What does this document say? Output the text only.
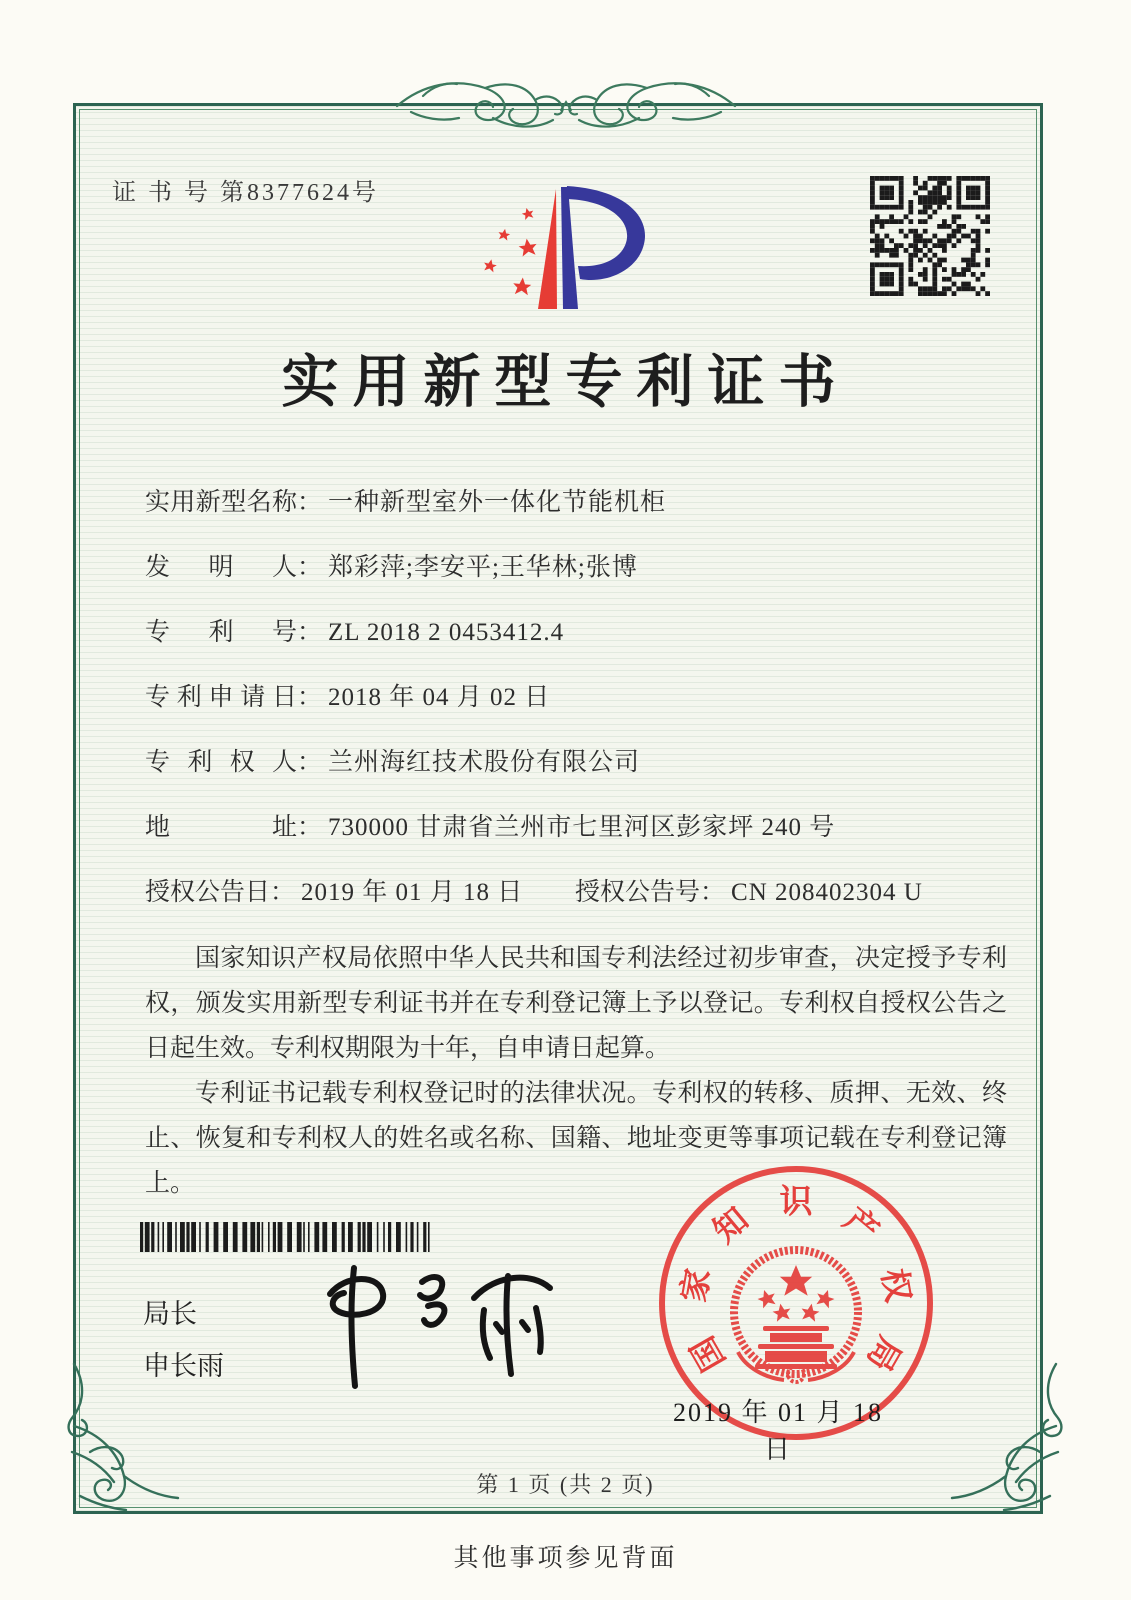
证 书 号 第8377624号
实用新型专利证书
实用新型名称： 一种新型室外一体化节能机柜
发明人： 郑彩萍;李安平;王华林;张博
专利号： ZL 2018 2 0453412.4
专利申请日： 2018 年 04 月 02 日
专利权人： 兰州海红技术股份有限公司
地址： 730000 甘肃省兰州市七里河区彭家坪 240 号
授权公告日： 2019 年 01 月 18 日 授权公告号： CN 208402304 U

国家知识产权局依照中华人民共和国专利法经过初步审查，决定授予专利权，颁发实用新型专利证书并在专利登记簿上予以登记。专利权自授权公告之日起生效。专利权期限为十年，自申请日起算。

专利证书记载专利权登记时的法律状况。专利权的转移、质押、无效、终止、恢复和专利权人的姓名或名称、国籍、地址变更等事项记载在专利登记簿上。

局长
申长雨	国
家
知 识 产
权
局
2019 年 01 月 18 日
第 1 页 (共 2 页)
其他事项参见背面
